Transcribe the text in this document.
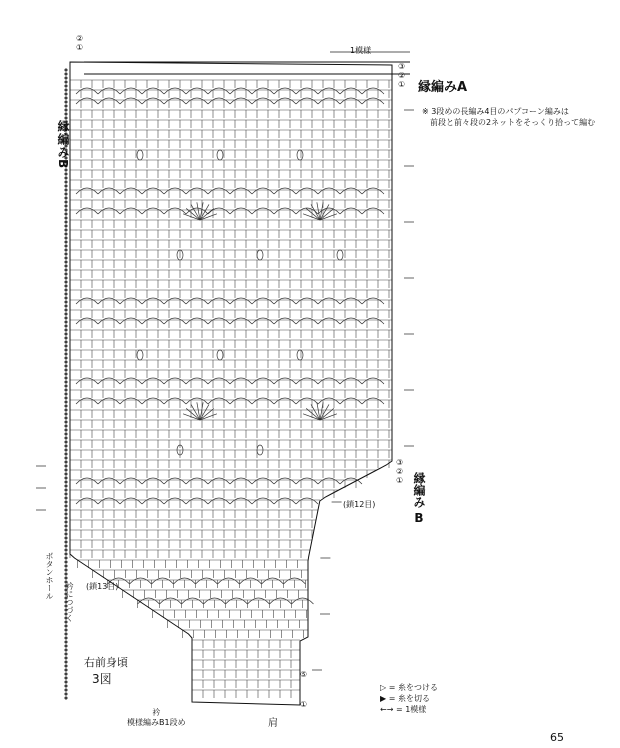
1模様
縁編みA
※ 3段めの長編み4目のパプコーン編みは
　前段と前々段の2ネットをそっくり拾って編む
縁編みB
縁編み
B
ボタンホール
衿につづく
(鎖12目)
(鎖13目)
右前身頃
3図
衿
模様編みB1段め	肩
▷ = 糸をつける
▶ = 糸を切る
←→ = 1模様
65
②
①
③
②
①
③
②
①
⑤
①
